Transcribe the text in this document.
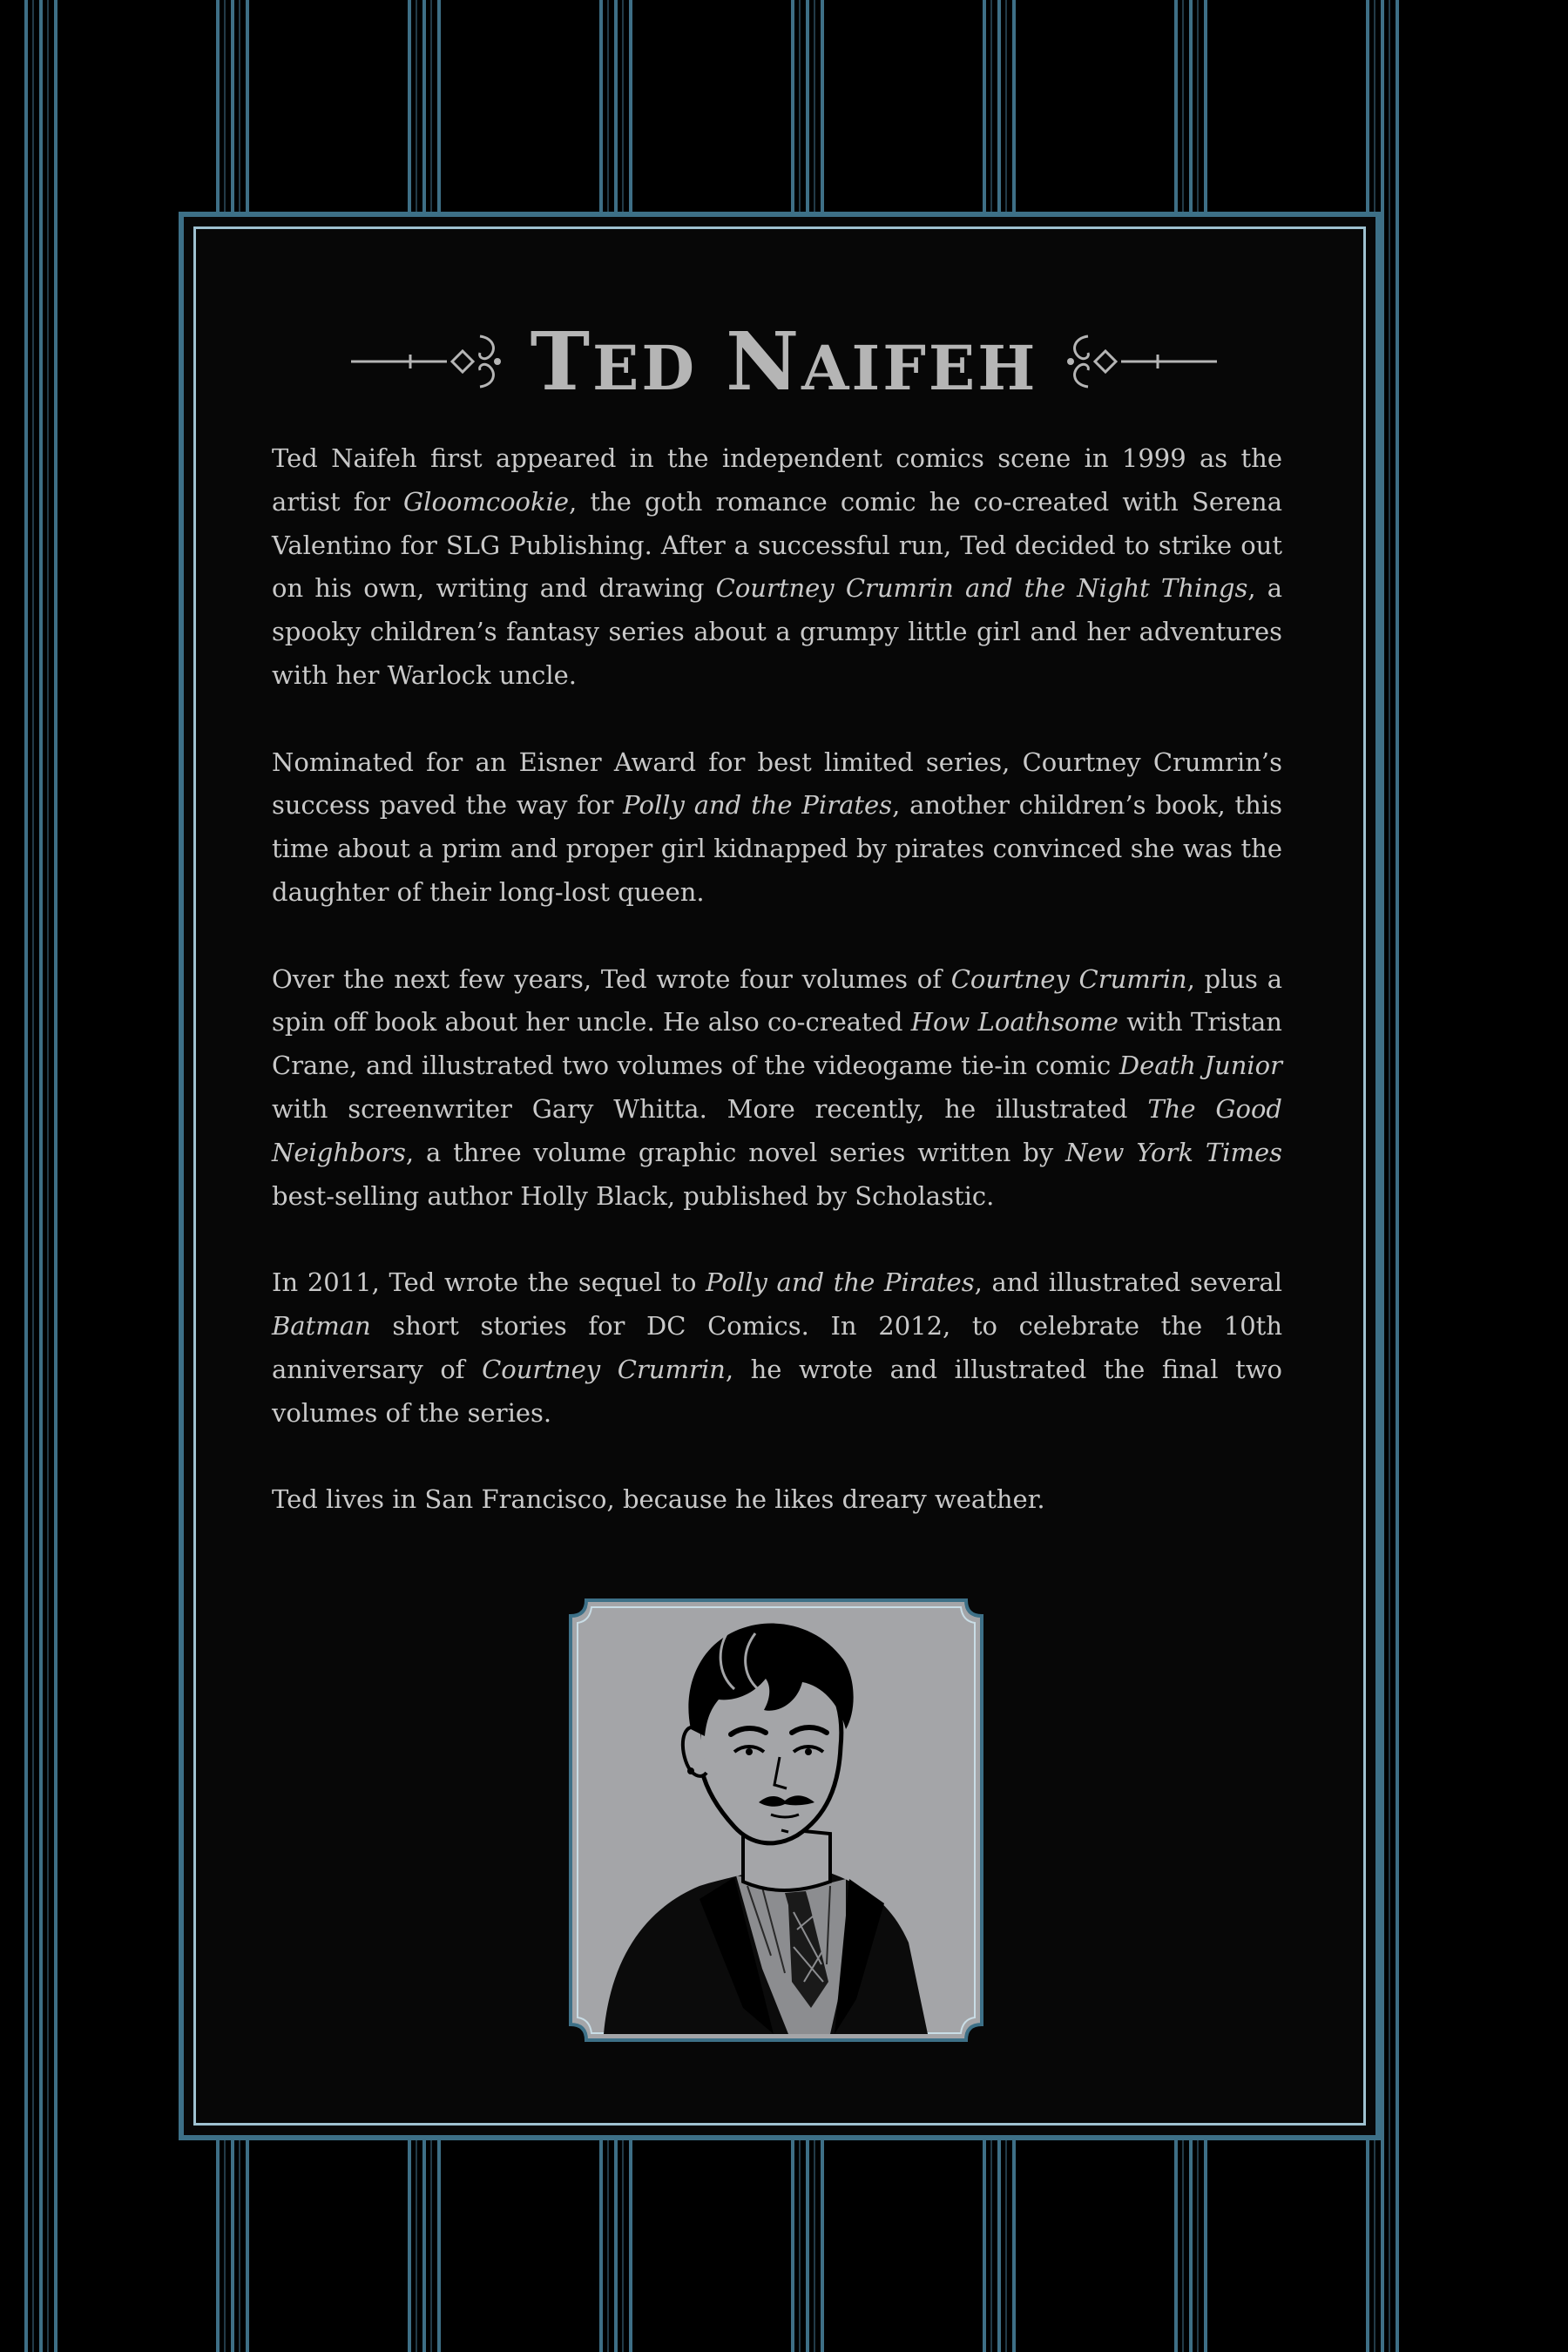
TED NAIFEH

Ted Naifeh first appeared in the independent comics scene in 1999 as the artist for Gloomcookie, the goth romance comic he co-created with Serena Valentino for SLG Publishing. After a successful run, Ted decided to strike out on his own, writing and drawing Courtney Crumrin and the Night Things, a spooky children’s fantasy series about a grumpy little girl and her adventures with her Warlock uncle.

Nominated for an Eisner Award for best limited series, Courtney Crumrin’s success paved the way for Polly and the Pirates, another children’s book, this time about a prim and proper girl kidnapped by pirates convinced she was the daughter of their long-lost queen.

Over the next few years, Ted wrote four volumes of Courtney Crumrin, plus a spin off book about her uncle. He also co-created How Loathsome with Tristan Crane, and illustrated two volumes of the videogame tie-in comic Death Junior with screenwriter Gary Whitta. More recently, he illustrated The Good Neighbors, a three volume graphic novel series written by New York Times best-selling author Holly Black, published by Scholastic.

In 2011, Ted wrote the sequel to Polly and the Pirates, and illustrated several Batman short stories for DC Comics. In 2012, to celebrate the 10th anniversary of Courtney Crumrin, he wrote and illustrated the final two volumes of the series.

Ted lives in San Francisco, because he likes dreary weather.
